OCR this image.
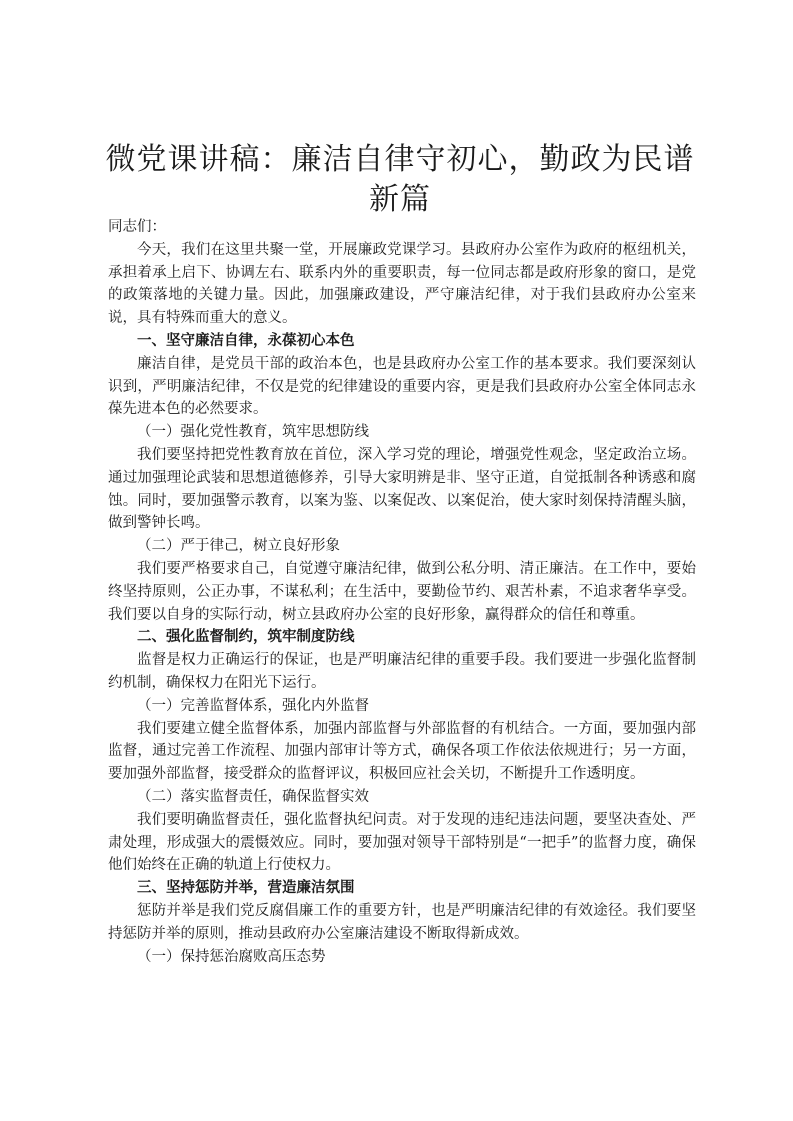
微党课讲稿：廉洁自律守初心，勤政为民谱新篇

同志们：

今天，我们在这里共聚一堂，开展廉政党课学习。县政府办公室作为政府的枢纽机关，承担着承上启下、协调左右、联系内外的重要职责，每一位同志都是政府形象的窗口，是党的政策落地的关键力量。因此，加强廉政建设，严守廉洁纪律，对于我们县政府办公室来说，具有特殊而重大的意义。

一、坚守廉洁自律，永葆初心本色

廉洁自律，是党员干部的政治本色，也是县政府办公室工作的基本要求。我们要深刻认识到，严明廉洁纪律，不仅是党的纪律建设的重要内容，更是我们县政府办公室全体同志永葆先进本色的必然要求。

（一）强化党性教育，筑牢思想防线

我们要坚持把党性教育放在首位，深入学习党的理论，增强党性观念，坚定政治立场。通过加强理论武装和思想道德修养，引导大家明辨是非、坚守正道，自觉抵制各种诱惑和腐蚀。同时，要加强警示教育，以案为鉴、以案促改、以案促治，使大家时刻保持清醒头脑，做到警钟长鸣。

（二）严于律己，树立良好形象

我们要严格要求自己，自觉遵守廉洁纪律，做到公私分明、清正廉洁。在工作中，要始终坚持原则，公正办事，不谋私利；在生活中，要勤俭节约、艰苦朴素，不追求奢华享受。我们要以自身的实际行动，树立县政府办公室的良好形象，赢得群众的信任和尊重。

二、强化监督制约，筑牢制度防线

监督是权力正确运行的保证，也是严明廉洁纪律的重要手段。我们要进一步强化监督制约机制，确保权力在阳光下运行。

（一）完善监督体系，强化内外监督

我们要建立健全监督体系，加强内部监督与外部监督的有机结合。一方面，要加强内部监督，通过完善工作流程、加强内部审计等方式，确保各项工作依法依规进行；另一方面，要加强外部监督，接受群众的监督评议，积极回应社会关切，不断提升工作透明度。

（二）落实监督责任，确保监督实效

我们要明确监督责任，强化监督执纪问责。对于发现的违纪违法问题，要坚决查处、严肃处理，形成强大的震慑效应。同时，要加强对领导干部特别是“一把手”的监督力度，确保他们始终在正确的轨道上行使权力。

三、坚持惩防并举，营造廉洁氛围

惩防并举是我们党反腐倡廉工作的重要方针，也是严明廉洁纪律的有效途径。我们要坚持惩防并举的原则，推动县政府办公室廉洁建设不断取得新成效。

（一）保持惩治腐败高压态势
